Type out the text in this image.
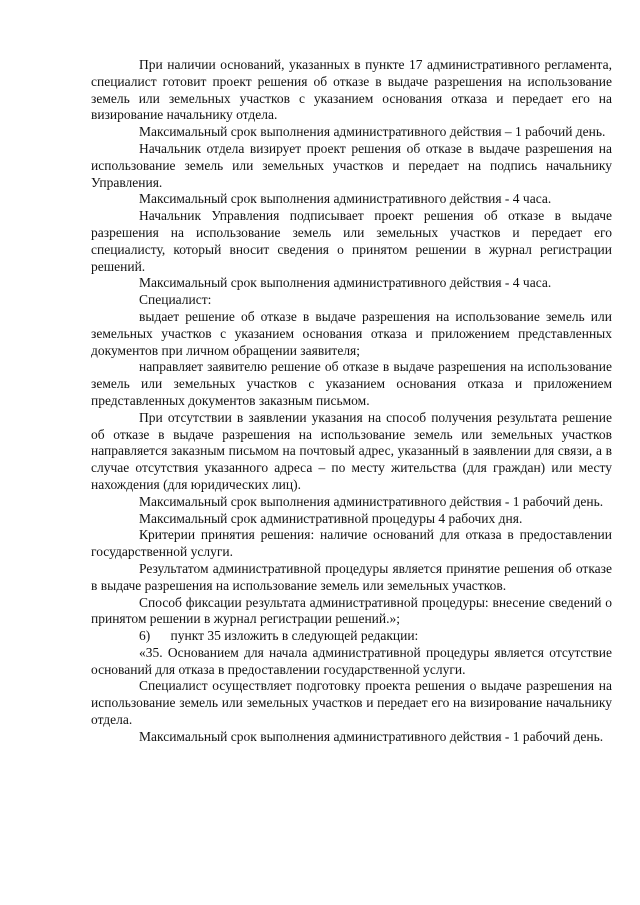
При наличии оснований, указанных в пункте 17 административного регламента, специалист готовит проект решения об отказе в выдаче разрешения на использование земель или земельных участков с указанием основания отказа и передает его на визирование начальнику отдела.

Максимальный срок выполнения административного действия – 1 рабочий день.

Начальник отдела визирует проект решения об отказе в выдаче разрешения на использование земель или земельных участков и передает на подпись начальнику Управления.

Максимальный срок выполнения административного действия - 4 часа.

Начальник Управления подписывает проект решения об отказе в выдаче разрешения на использование земель или земельных участков и передает его специалисту, который вносит сведения о принятом решении в журнал регистрации решений.

Максимальный срок выполнения административного действия - 4 часа.

Специалист:

выдает решение об отказе в выдаче разрешения на использование земель или земельных участков с указанием основания отказа и приложением представленных документов при личном обращении заявителя;

направляет заявителю решение об отказе в выдаче разрешения на использование земель или земельных участков с указанием основания отказа и приложением представленных документов заказным письмом.

При отсутствии в заявлении указания на способ получения результата решение об отказе в выдаче разрешения на использование земель или земельных участков направляется заказным письмом на почтовый адрес, указанный в заявлении для связи, а в случае отсутствия указанного адреса – по месту жительства (для граждан) или месту нахождения (для юридических лиц).

Максимальный срок выполнения административного действия - 1 рабочий день.

Максимальный срок административной процедуры 4 рабочих дня.

Критерии принятия решения: наличие оснований для отказа в предоставлении государственной услуги.

Результатом административной процедуры является принятие решения об отказе в выдаче разрешения на использование земель или земельных участков.

Способ фиксации результата административной процедуры: внесение сведений о принятом решении в журнал регистрации решений.»;

6)      пункт 35 изложить в следующей редакции:

«35. Основанием для начала административной процедуры является отсутствие оснований для отказа в предоставлении государственной услуги.

Специалист осуществляет подготовку проекта решения о выдаче разрешения на использование земель или земельных участков и передает его на визирование начальнику отдела.

Максимальный срок выполнения административного действия - 1 рабочий день.
